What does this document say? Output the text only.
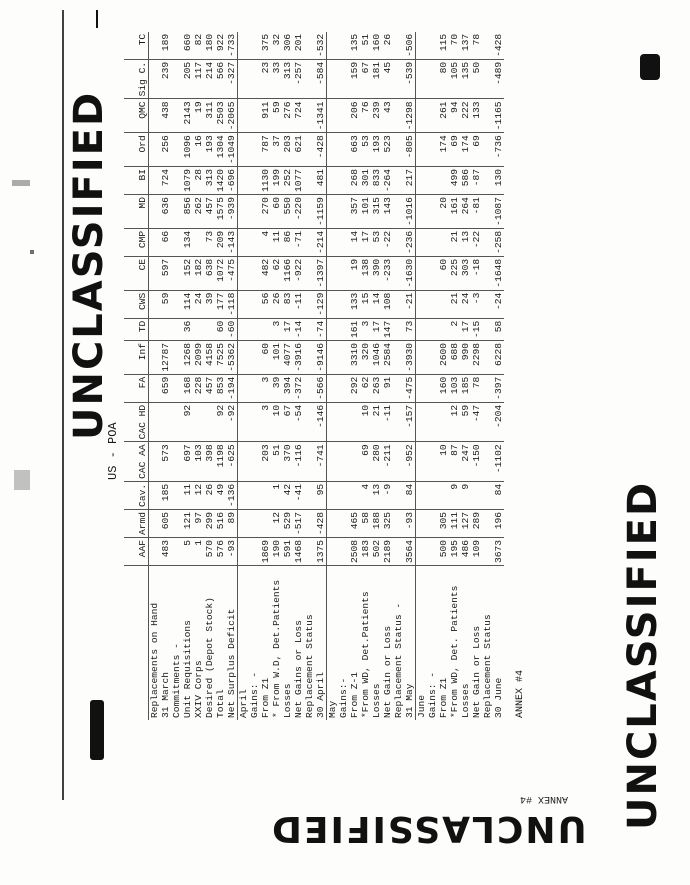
UNCLASSIFIED
UNCLASSIFIED
UNCLASSIFIED
ANNEX #4
US - POA
	AAF	Armd	Cav.	CAC AA	CAC HD	FA	Inf	TD	CWS	CE	CMP	MD	BI	Ord	QMC	Sig C.	TC
Replacements on Hand																	
31 March	483	605	185	573		659	12787		59	597	66	636	724	256	438	239	189
Commitments -																	
Unit Requisitions	5	121	11	697	92	168	1268	36	114	152	134	856	1079	1096	2143	205	660
XXIV Corps	1	97	12	103		228	2099		24	182		262	28	16	19	117	82
Desired (Depot Stock)	570	299	26	398		457	4158		39	638	73	457	313	193	311	214	180
Total	576	516	49	1198	92	853	7525	60	177	1072	209	1575	1420	1304	2503	566	922
Net Surplus Deficit	-93	89	-136	-625	-92	-194	-5362	-60	-118	-475	-143	-939	-696	-1049	-2065	-327	-733
April																	
Gains: -																	
From Z1	1869			203	3	3	60		56	482	4	270	1130	787	911	23	375
* From W.D, Det.Patients	190	12	1	51	10	39	101	3	26	62	11	60	199	37	59	33	32
Losses	591	529	42	370	67	394	4077	17	83	1166	86	550	252	203	276	313	306
Net Gains or Loss	1468	-517	-41	-116	-54	-372	-3916	-14	-11	-922	-71	-220	1077	621	724	-257	201
Replacement Status																	
30 April	1375	-428	95	-741	-146	-566	-9146	-74	-129	-1397	-214	-1159	481	-428	-1341	-584	-532
May																	
Gains:-																	
From Z-1	2508	465				292	3310	161	133	19	14	357	268	663	206	159	135
*From WD, Det.Patients	183	58	4	69	10	62	320	3	15	138	17	101	301	53	76	67	51
Losses	502	188	13	280	21	263	1046	17	14	390	53	315	833	193	239	181	160
Net Gain or Loss	2189	325	-9	-211	-11	91	2584	147	108	-233	-22	143	-264	523	43	45	26
Replacement Status -																	
31 May	3564	-93	84	-952	-157	-475	-3930	73	-21	-1630	-236	-1016	217	-805	-1298	-539	-506
June																	
Gains: -																	
From Z1	500	305		10		160	2600			60		20		174	261	80	115
*From WD, Det. Patients	195	111	9	87	12	103	688	2	21	225	21	161	499	69	94	105	70
Losses	486	127	9	247	59	185	990	17	24	303	13	264	586	174	222	135	137
Net Gain or Loss	109	289		-150	-47	78	2298	-15	-3	-18	-22	-81	-87	69	133	50	78
Replacement Status																	
30 June	3673	196	84	-1102	-204	-397	6228	58	-24	-1648	-258	-1087	130	-736	-1165	-489	-428
ANNEX #4
